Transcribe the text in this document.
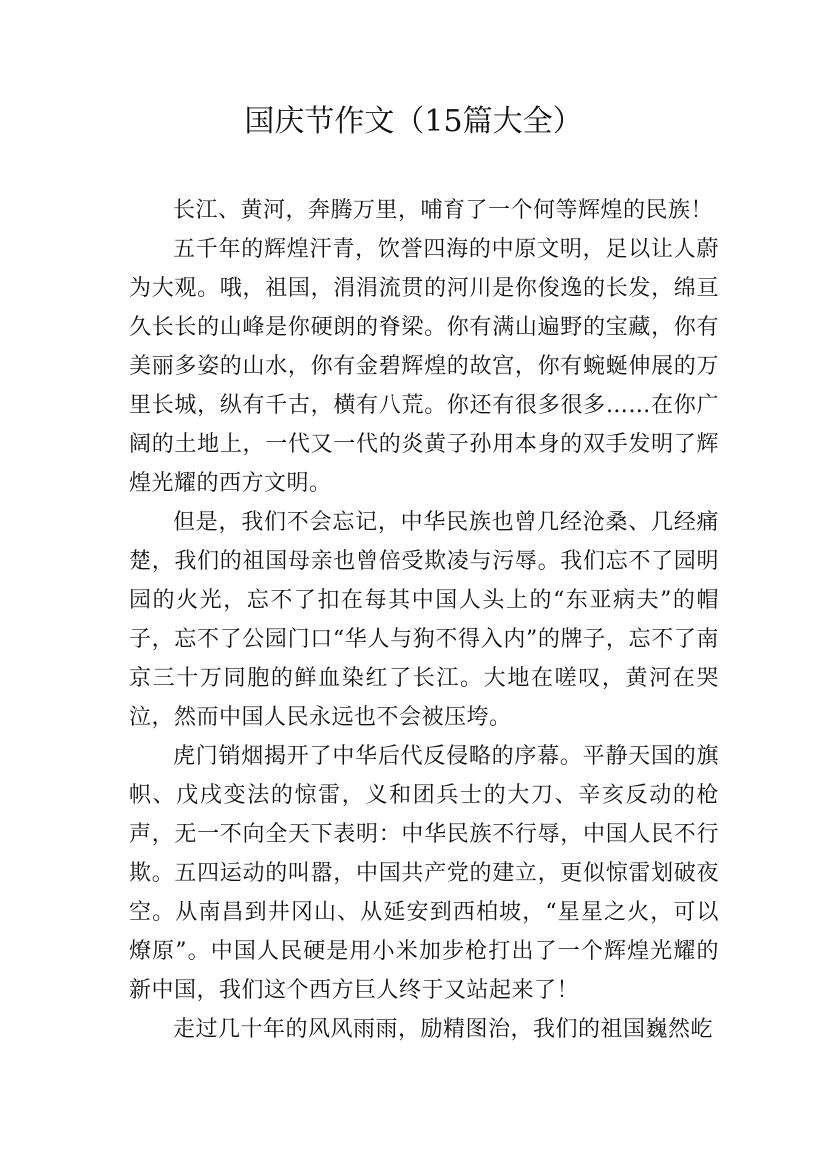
国庆节作文（15篇大全）

长江、黄河，奔腾万里，哺育了一个何等辉煌的民族！

五千年的辉煌汗青，饮誉四海的中原文明，足以让人蔚为大观。哦，祖国，涓涓流贯的河川是你俊逸的长发，绵亘久长长的山峰是你硬朗的脊梁。你有满山遍野的宝藏，你有美丽多姿的山水，你有金碧辉煌的故宫，你有蜿蜒伸展的万里长城，纵有千古，横有八荒。你还有很多很多……在你广阔的土地上，一代又一代的炎黄子孙用本身的双手发明了辉煌光耀的西方文明。

但是，我们不会忘记，中华民族也曾几经沧桑、几经痛楚，我们的祖国母亲也曾倍受欺凌与污辱。我们忘不了园明园的火光，忘不了扣在每其中国人头上的“东亚病夫”的帽子，忘不了公园门口“华人与狗不得入内”的牌子，忘不了南京三十万同胞的鲜血染红了长江。大地在嗟叹，黄河在哭泣，然而中国人民永远也不会被压垮。

虎门销烟揭开了中华后代反侵略的序幕。平静天国的旗帜、戊戌变法的惊雷，义和团兵士的大刀、辛亥反动的枪声，无一不向全天下表明：中华民族不行辱，中国人民不行欺。五四运动的叫嚣，中国共产党的建立，更似惊雷划破夜空。从南昌到井冈山、从延安到西柏坡，“星星之火，可以燎原”。中国人民硬是用小米加步枪打出了一个辉煌光耀的新中国，我们这个西方巨人终于又站起来了！

走过几十年的风风雨雨，励精图治，我们的祖国巍然屹
